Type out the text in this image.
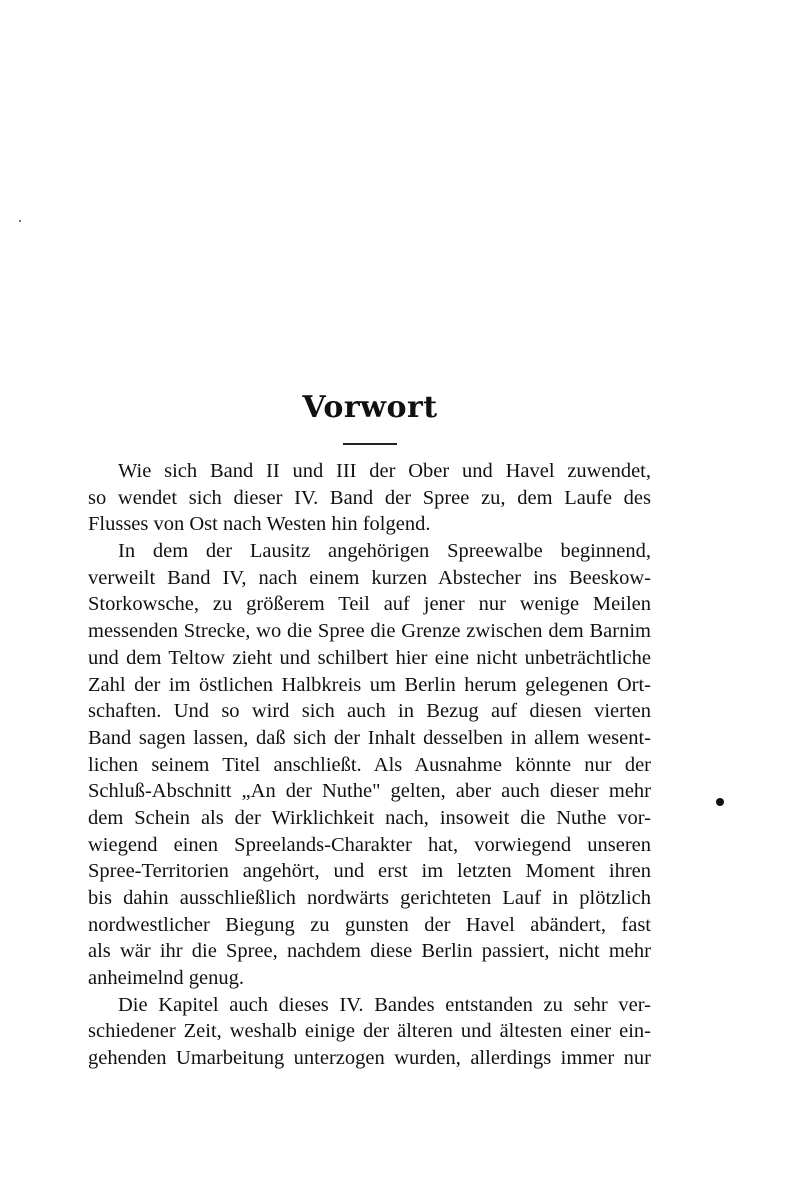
Vorwort
Wie sich Band II und III der Ober und Havel zuwendet,
so wendet sich dieser IV. Band der Spree zu, dem Laufe des
Flusses von Ost nach Westen hin folgend.
In dem der Lausitz angehörigen Spreewalbe beginnend,
verweilt Band IV, nach einem kurzen Abstecher ins Beeskow-
Storkowsche, zu größerem Teil auf jener nur wenige Meilen
messenden Strecke, wo die Spree die Grenze zwischen dem Barnim
und dem Teltow zieht und schilbert hier eine nicht unbeträchtliche
Zahl der im östlichen Halbkreis um Berlin herum gelegenen Ort-
schaften. Und so wird sich auch in Bezug auf diesen vierten
Band sagen lassen, daß sich der Inhalt desselben in allem wesent-
lichen seinem Titel anschließt. Als Ausnahme könnte nur der
Schluß-Abschnitt „An der Nuthe" gelten, aber auch dieser mehr
dem Schein als der Wirklichkeit nach, insoweit die Nuthe vor-
wiegend einen Spreelands-Charakter hat, vorwiegend unseren
Spree-Territorien angehört, und erst im letzten Moment ihren
bis dahin ausschließlich nordwärts gerichteten Lauf in plötzlich
nordwestlicher Biegung zu gunsten der Havel abändert, fast
als wär ihr die Spree, nachdem diese Berlin passiert, nicht mehr
anheimelnd genug.
Die Kapitel auch dieses IV. Bandes entstanden zu sehr ver-
schiedener Zeit, weshalb einige der älteren und ältesten einer ein-
gehenden Umarbeitung unterzogen wurden, allerdings immer nur
